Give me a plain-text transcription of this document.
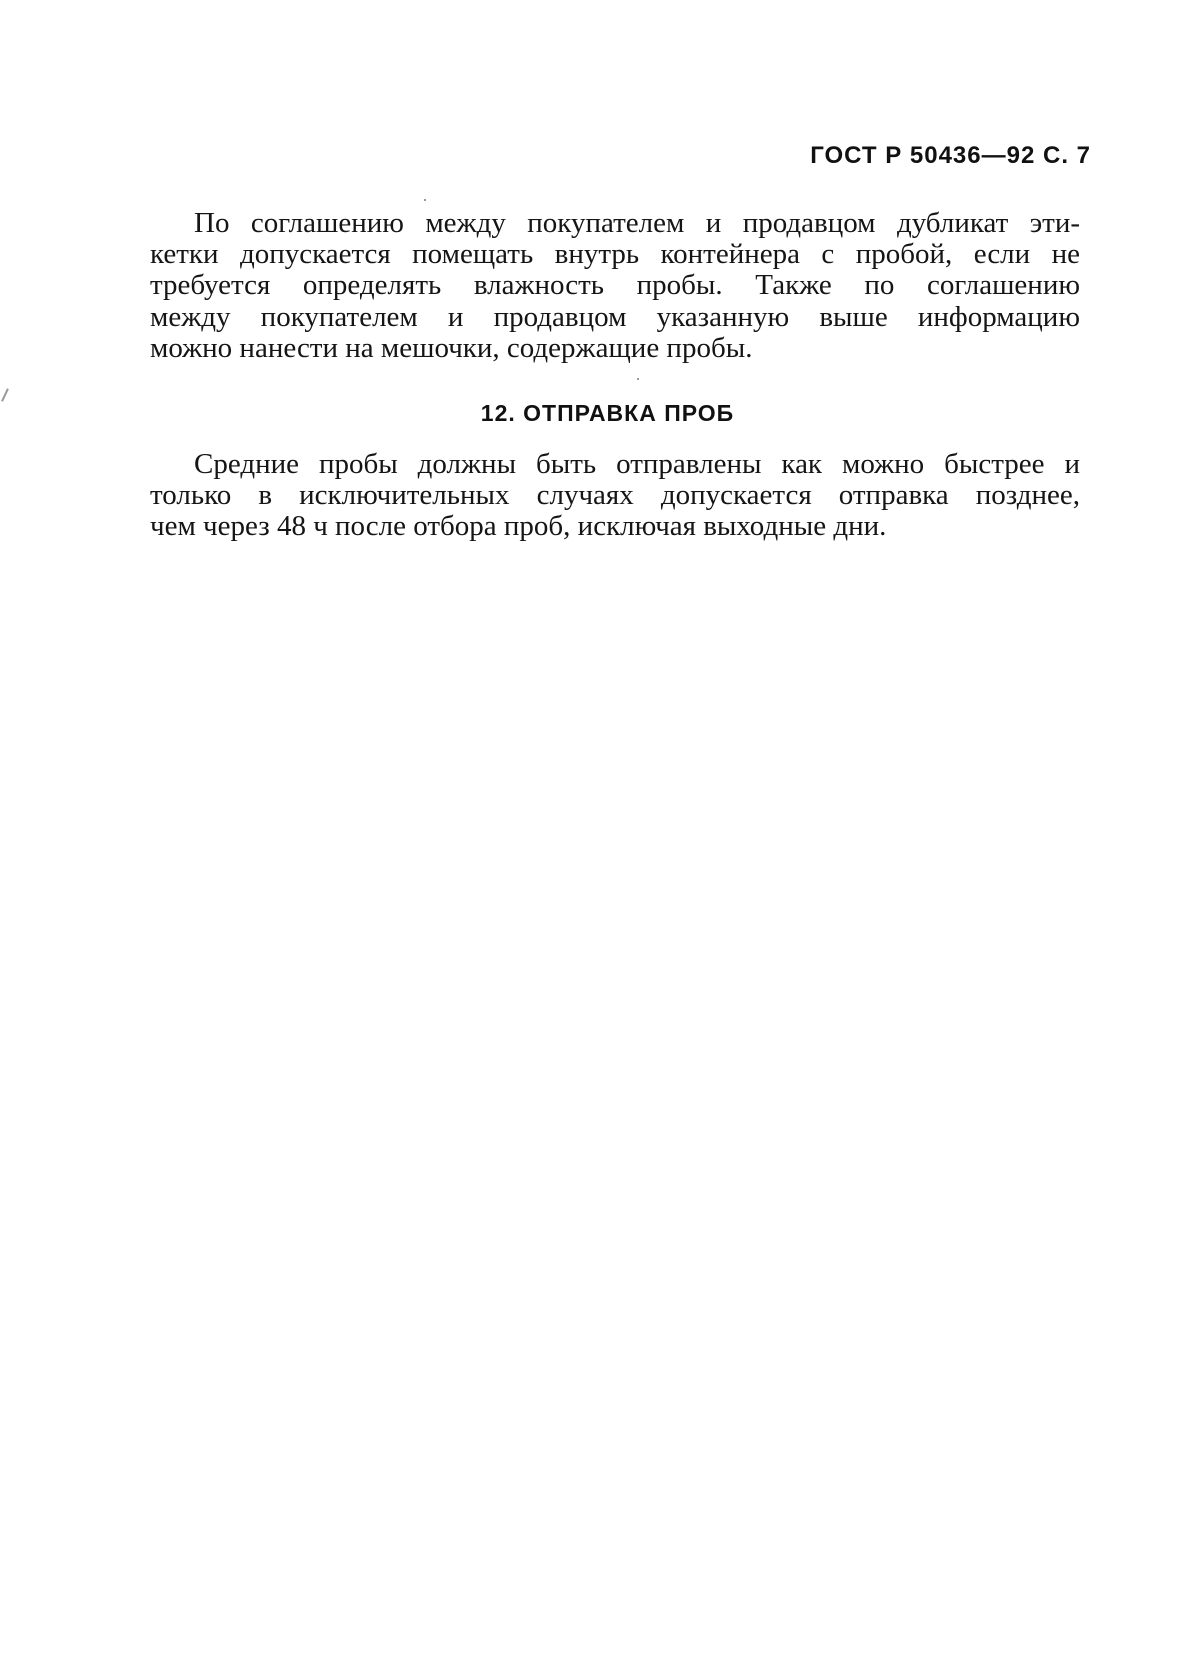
ГОСТ Р 50436—92 С. 7
По соглашению между покупателем и продавцом дубликат эти-
кетки допускается помещать внутрь контейнера с пробой, если не
требуется определять влажность пробы. Также по соглашению
между покупателем и продавцом указанную выше информацию
можно нанести на мешочки, содержащие пробы.
12. ОТПРАВКА ПРОБ
Средние пробы должны быть отправлены как можно быстрее и
только в исключительных случаях допускается отправка позднее,
чем через 48 ч после отбора проб, исключая выходные дни.
